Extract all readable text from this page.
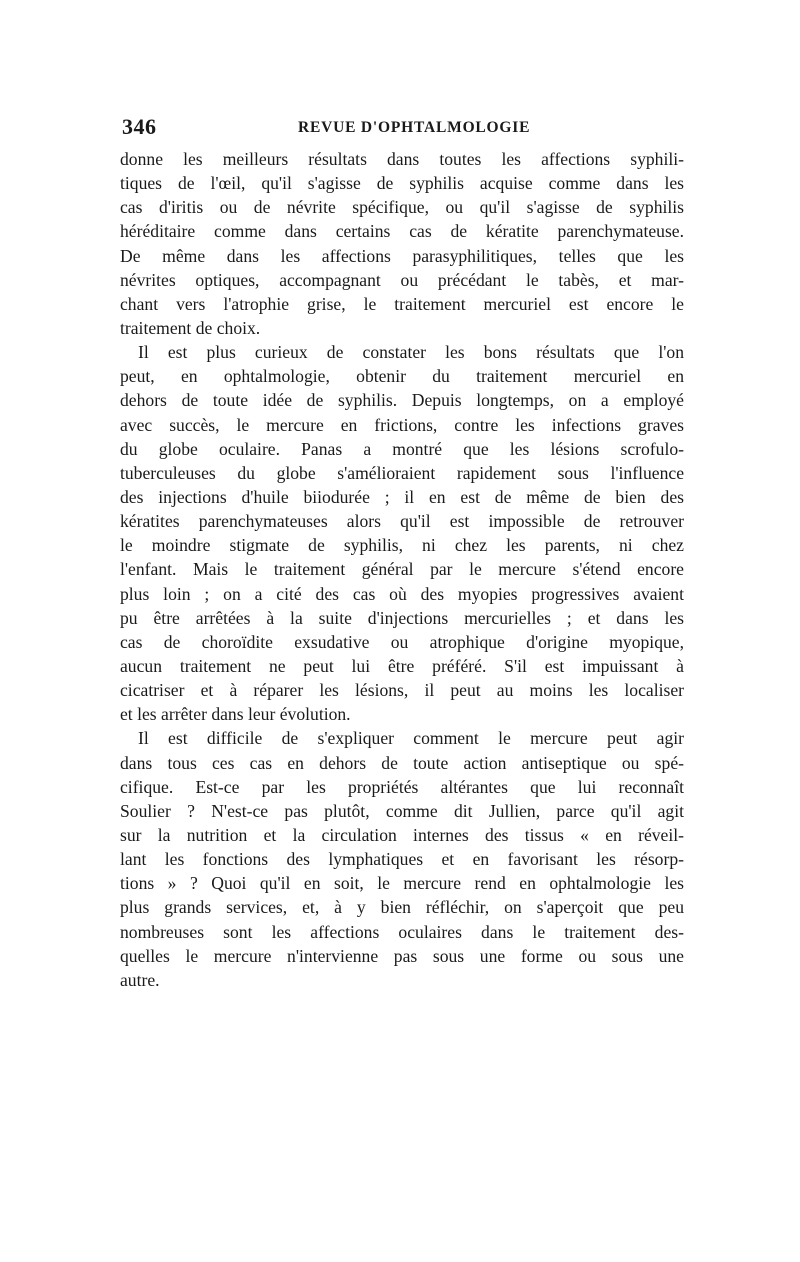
346	REVUE D'OPHTALMOLOGIE
donne les meilleurs résultats dans toutes les affections syphili-
tiques de l'œil, qu'il s'agisse de syphilis acquise comme dans les
cas d'iritis ou de névrite spécifique, ou qu'il s'agisse de syphilis
héréditaire comme dans certains cas de kératite parenchymateuse.
De même dans les affections parasyphilitiques, telles que les
névrites optiques, accompagnant ou précédant le tabès, et mar-
chant vers l'atrophie grise, le traitement mercuriel est encore le
traitement de choix.
Il est plus curieux de constater les bons résultats que l'on
peut, en ophtalmologie, obtenir du traitement mercuriel en
dehors de toute idée de syphilis. Depuis longtemps, on a employé
avec succès, le mercure en frictions, contre les infections graves
du globe oculaire. Panas a montré que les lésions scrofulo-
tuberculeuses du globe s'amélioraient rapidement sous l'influence
des injections d'huile biiodurée ; il en est de même de bien des
kératites parenchymateuses alors qu'il est impossible de retrouver
le moindre stigmate de syphilis, ni chez les parents, ni chez
l'enfant. Mais le traitement général par le mercure s'étend encore
plus loin ; on a cité des cas où des myopies progressives avaient
pu être arrêtées à la suite d'injections mercurielles ; et dans les
cas de choroïdite exsudative ou atrophique d'origine myopique,
aucun traitement ne peut lui être préféré. S'il est impuissant à
cicatriser et à réparer les lésions, il peut au moins les localiser
et les arrêter dans leur évolution.
Il est difficile de s'expliquer comment le mercure peut agir
dans tous ces cas en dehors de toute action antiseptique ou spé-
cifique. Est-ce par les propriétés altérantes que lui reconnaît
Soulier ? N'est-ce pas plutôt, comme dit Jullien, parce qu'il agit
sur la nutrition et la circulation internes des tissus « en réveil-
lant les fonctions des lymphatiques et en favorisant les résorp-
tions » ? Quoi qu'il en soit, le mercure rend en ophtalmologie les
plus grands services, et, à y bien réfléchir, on s'aperçoit que peu
nombreuses sont les affections oculaires dans le traitement des-
quelles le mercure n'intervienne pas sous une forme ou sous une
autre.
